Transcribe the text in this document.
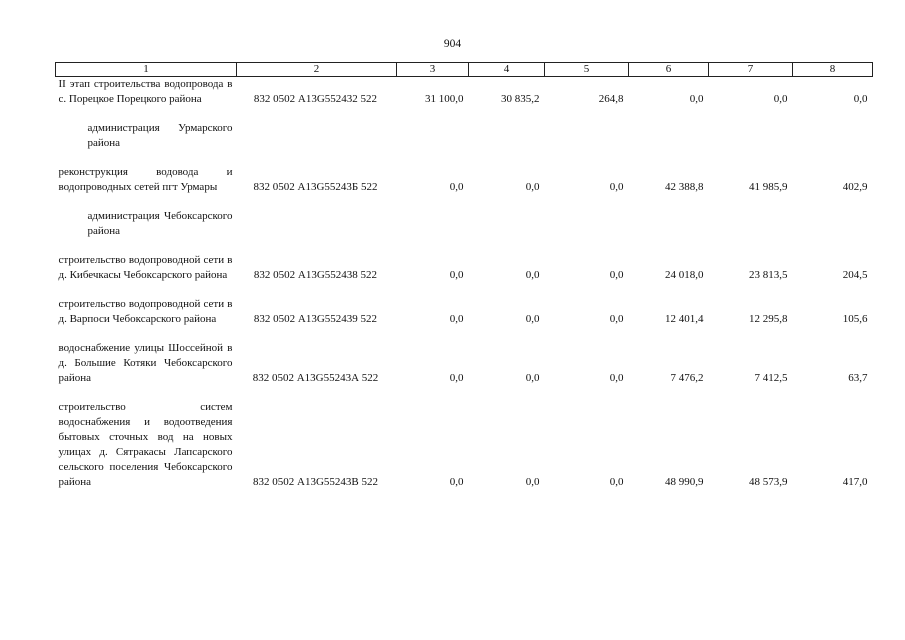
904
1	2	3	4	5	6	7	8
II этап строительства водопровода в с. Порецкое Порецкого района	832 0502 А13G552432 522	31 100,0	30 835,2	264,8	0,0	0,0	0,0

администрация Урмарского района							

реконструкция водовода и водопроводных сетей пгт Урмары	832 0502 А13G55243Б 522	0,0	0,0	0,0	42 388,8	41 985,9	402,9

администрация Чебоксарского района							

строительство водопроводной сети в д. Кибечкасы Чебоксарского района	832 0502 А13G552438 522	0,0	0,0	0,0	24 018,0	23 813,5	204,5

строительство водопроводной сети в д. Варпоси Чебоксарского района	832 0502 А13G552439 522	0,0	0,0	0,0	12 401,4	12 295,8	105,6

водоснабжение улицы Шоссейной в д. Большие Котяки Чебоксарского района	832 0502 А13G55243А 522	0,0	0,0	0,0	7 476,2	7 412,5	63,7

строительство систем водоснабжения и водоотведения бытовых сточных вод на новых улицах д. Сятракасы Лапсарского сельского поселения Чебоксарского района	832 0502 А13G55243В 522	0,0	0,0	0,0	48 990,9	48 573,9	417,0
